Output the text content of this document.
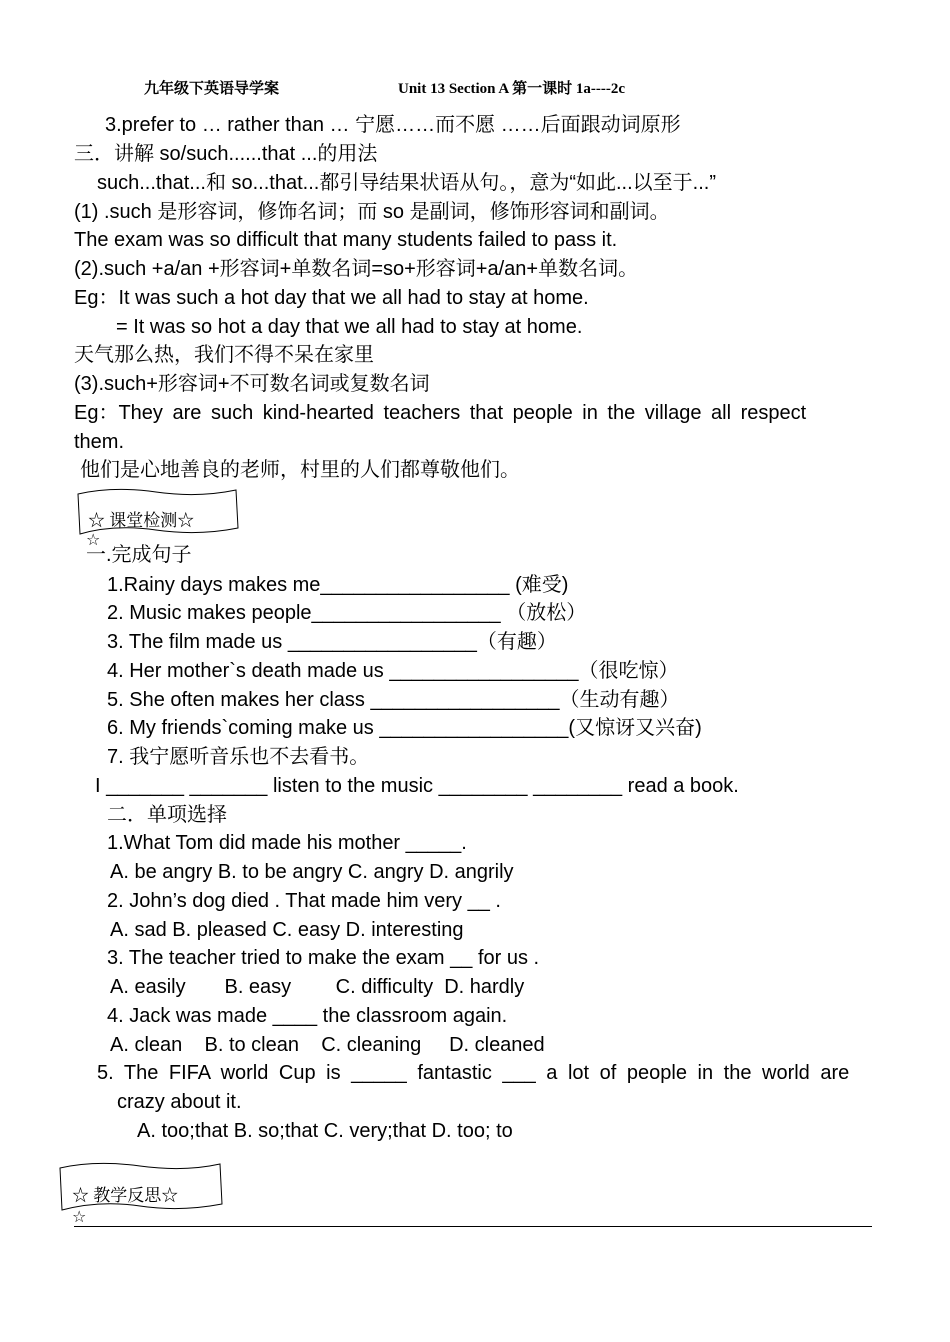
九年级下英语导学案	Unit 13 Section A 第一课时 1a----2c
3.prefer to … rather than … 宁愿……而不愿 ……后面跟动词原形
三．讲解 so/such......that ...的用法
such...that...和 so...that...都引导结果状语从句。，意为“如此...以至于...”
(1) .such 是形容词，修饰名词；而 so 是副词，修饰形容词和副词。
The exam was so difficult that many students failed to pass it.
(2).such +a/an +形容词+单数名词=so+形容词+a/an+单数名词。
Eg：It was such a hot day that we all had to stay at home.
= It was so hot a day that we all had to stay at home.
天气那么热，我们不得不呆在家里
(3).such+形容词+不可数名词或复数名词
Eg：They are such kind-hearted teachers that people in the village all respect
them.
他们是心地善良的老师，村里的人们都尊敬他们。
☆ 课堂检测☆
☆
一.完成句子
1.Rainy days makes me_________________ (难受)
2. Music makes people_________________ （放松）
3. The film made us _________________（有趣）
4. Her mother`s death made us _________________（很吃惊）
5. She often makes her class _________________（生动有趣）
6. My friends`coming make us _________________(又惊讶又兴奋)
7. 我宁愿听音乐也不去看书。
I _______ _______ listen to the music ________ ________ read a book.
二．单项选择
1.What Tom did made his mother _____.
A. be angry B. to be angry C. angry D. angrily
2. John’s dog died . That made him very __ .
A. sad B. pleased C. easy D. interesting
3. The teacher tried to make the exam __ for us .
A. easily       B. easy        C. difficulty  D. hardly
4. Jack was made ____ the classroom again.
A. clean    B. to clean    C. cleaning     D. cleaned
5. The FIFA world Cup is _____ fantastic ___ a lot of people in the world are
crazy about it.
A. too;that B. so;that C. very;that D. too; to
☆ 教学反思☆
☆
